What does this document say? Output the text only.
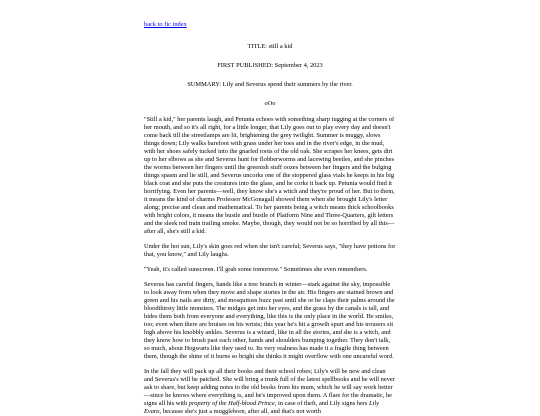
back to fic index

TITLE: still a kid

FIRST PUBLISHED: September 4, 2023

SUMMARY: Lily and Severus spend their summers by the river.

oOo

"Still a kid," her parents laugh, and Petunia echoes with something sharp tugging at the corners of her mouth, and so it's all right, for a little longer, that Lily goes out to play every day and doesn't come back till the streetlamps are lit, brightening the grey twilight. Summer is muggy, slows things down; Lily walks barefoot with grass under her toes and in the river's edge, in the mud, with her shoes safely tucked into the gnarled roots of the old oak. She scrapes her knees, gets dirt up to her elbows as she and Severus hunt for flobberworms and lacewing beetles, and she pinches the worms between her fingers until the greenish stuff oozes between her fingers and the bulging things spasm and lie still, and Severus uncorks one of the stoppered glass vials he keeps in his big black coat and she puts the creatures into the glass, and he corks it back up. Petunia would find it horrifying. Even her parents—well, they know she's a witch and they're proud of her. But to them, it means the kind of charms Professor McGonagall showed them when she brought Lily's letter along; precise and clean and mathematical. To her parents being a witch means thick schoolbooks with bright colors, it means the bustle and bustle of Platform Nine and Three-Quarters, gilt letters and the sleek red train trailing smoke. Maybe, though, they would not be so horrified by all this—after all, she's still a kid.

Under the hot sun, Lily's skin goes red when she isn't careful; Severus says, "they have potions for that, you know," and Lily laughs.

"Yeah, it's called sunscreen. I'll grab some tomorrow." Sometimes she even remembers.

Severus has careful fingers, hands like a tree branch in winter—stark against the sky, impossible to look away from when they move and shape stories in the air. His fingers are stained brown and green and his nails are dirty, and mosquitoes buzz past until she or he claps their palms around the bloodthirsty little monsters. The midges get into her eyes, and the grass by the canals is tall, and hides them both from everyone and everything, like this is the only place in the world. He smiles, too; even when there are bruises on his wrists; this year he's hit a growth spurt and his trousers sit high above his knobbly ankles. Severus is a wizard, like in all the stories, and she is a witch, and they know how to brush past each other, hands and shoulders bumping together. They don't talk, so much, about Hogwarts like they used to. Its very realness has made it a fragile thing between them, though the shine of it burns so bright she thinks it might overflow with one uncareful word.

In the fall they will pack up all their books and their school robes; Lily's will be new and clean and Severus's will be patched. She will bring a trunk full of the latest spellbooks and he will never ask to share, but keep adding notes to the old books from his mum, which he will say work better—since he knows where everything is, and he's improved upon them. A flare for the dramatic, he signs all his with property of the Half-blood Prince, in case of theft, and Lily signs hers Lily Evans, because she's just a muggleborn, after all, and that's not worth
